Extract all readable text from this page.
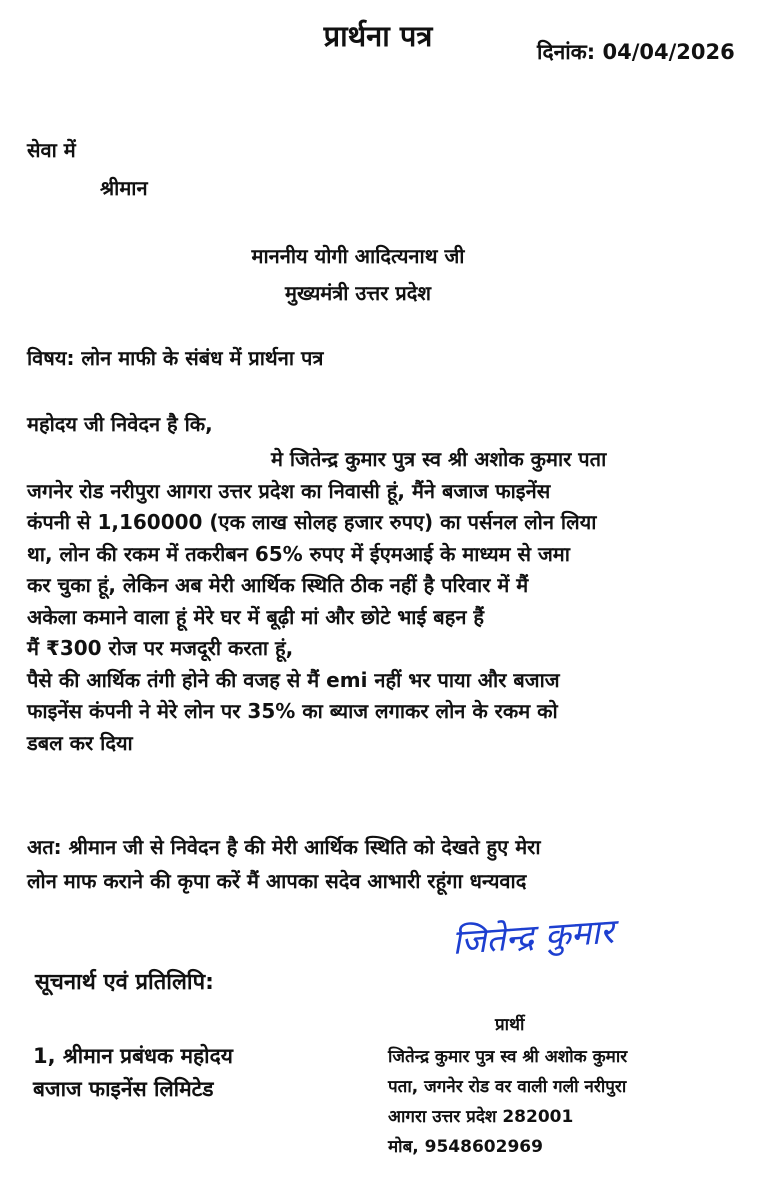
प्रार्थना पत्र	दिनांक: 04/04/2026
सेवा में
श्रीमान
माननीय योगी आदित्यनाथ जी
मुख्यमंत्री उत्तर प्रदेश
विषय: लोन माफी के संबंध में प्रार्थना पत्र
महोदय जी निवेदन है कि,
मे जितेन्द्र कुमार पुत्र स्व श्री अशोक कुमार पता
जगनेर रोड नरीपुरा आगरा उत्तर प्रदेश का निवासी हूं, मैंने बजाज फाइनेंस
कंपनी से 1,160000 (एक लाख सोलह हजार रुपए) का पर्सनल लोन लिया
था, लोन की रकम में तकरीबन 65% रुपए में ईएमआई के माध्यम से जमा
कर चुका हूं, लेकिन अब मेरी आर्थिक स्थिति ठीक नहीं है परिवार में मैं
अकेला कमाने वाला हूं मेरे घर में बूढ़ी मां और छोटे भाई बहन हैं
मैं ₹300 रोज पर मजदूरी करता हूं,
पैसे की आर्थिक तंगी होने की वजह से मैं emi नहीं भर पाया और बजाज
फाइनेंस कंपनी ने मेरे लोन पर 35% का ब्याज लगाकर लोन के रकम को
डबल कर दिया
अत: श्रीमान जी से निवेदन है की मेरी आर्थिक स्थिति को देखते हुए मेरा
लोन माफ कराने की कृपा करें मैं आपका सदेव आभारी रहूंगा धन्यवाद
जितेन्द्र कुमार
सूचनार्थ एवं प्रतिलिपि:
1, श्रीमान प्रबंधक महोदय
बजाज फाइनेंस लिमिटेड
प्रार्थी
जितेन्द्र कुमार पुत्र स्व श्री अशोक कुमार
पता, जगनेर रोड वर वाली गली नरीपुरा
आगरा उत्तर प्रदेश 282001
मोब, 9548602969
